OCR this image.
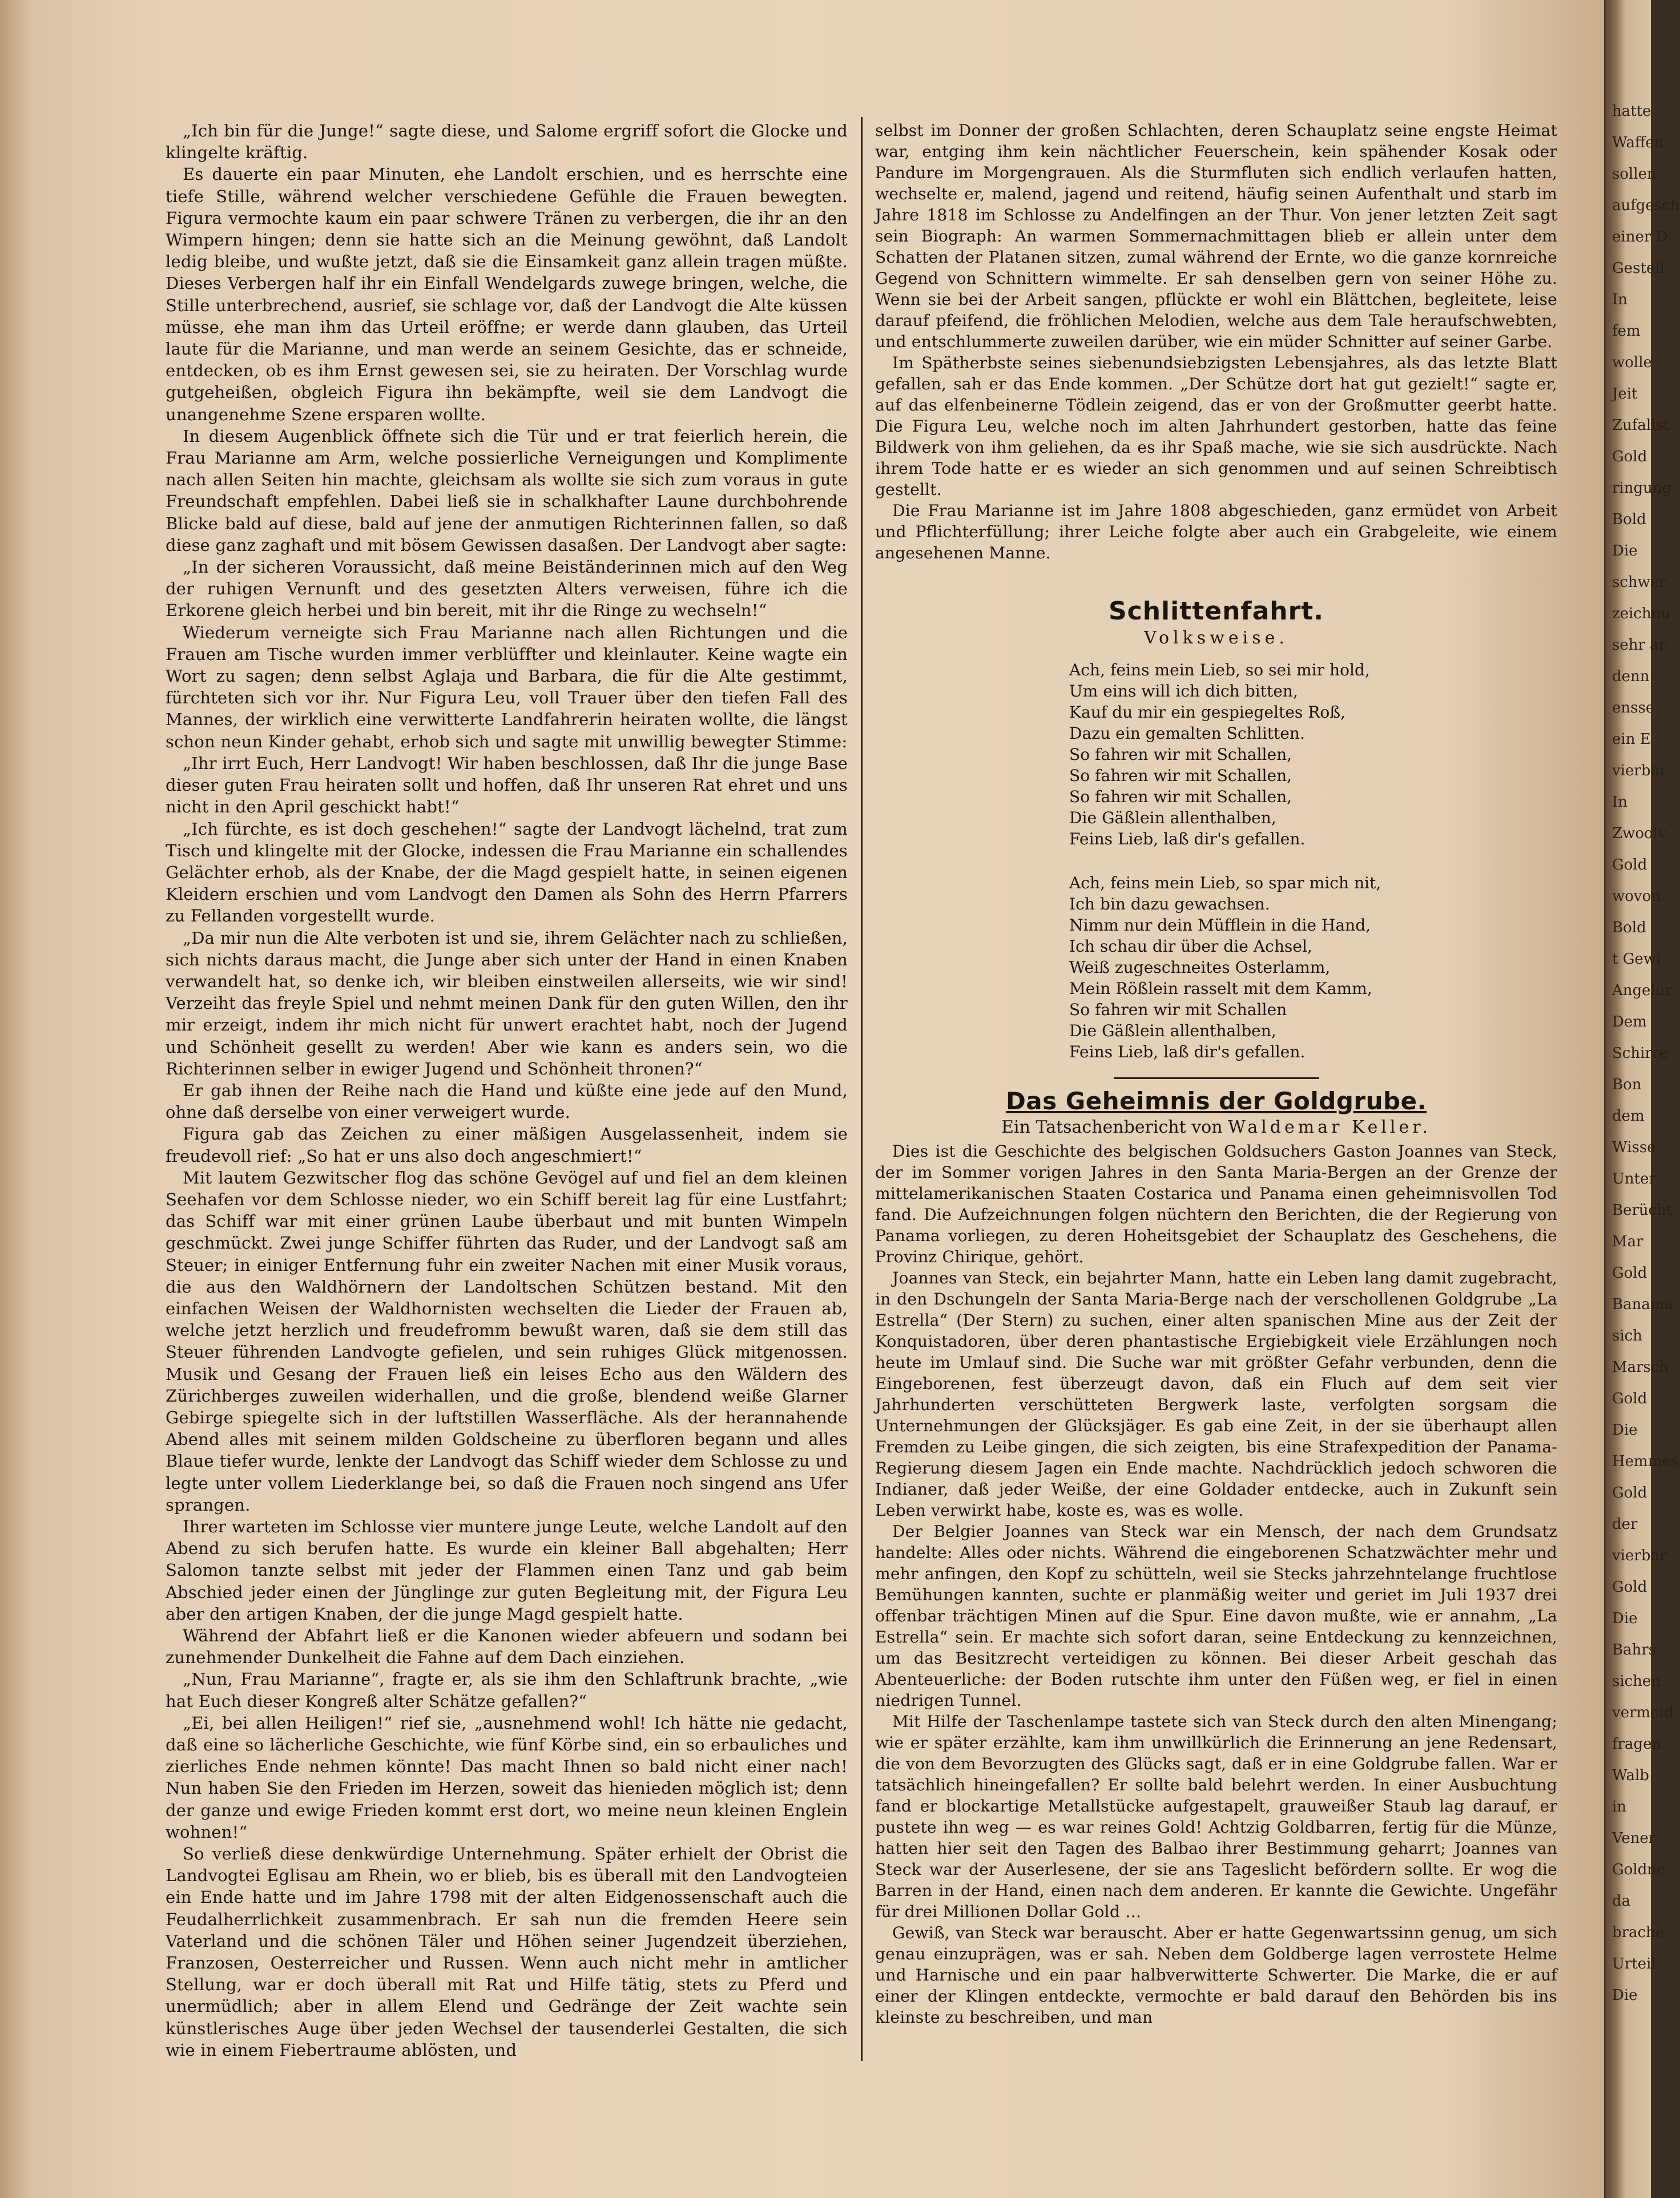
„Ich bin für die Junge!“ sagte diese, und Salome ergriff sofort die Glocke und klingelte kräftig.

Es dauerte ein paar Minuten, ehe Landolt erschien, und es herrschte eine tiefe Stille, während welcher verschiedene Gefühle die Frauen bewegten. Figura vermochte kaum ein paar schwere Tränen zu verbergen, die ihr an den Wimpern hingen; denn sie hatte sich an die Meinung gewöhnt, daß Landolt ledig bleibe, und wußte jetzt, daß sie die Einsamkeit ganz allein tragen müßte. Dieses Verbergen half ihr ein Einfall Wendelgards zuwege bringen, welche, die Stille unterbrechend, ausrief, sie schlage vor, daß der Landvogt die Alte küssen müsse, ehe man ihm das Urteil eröffne; er werde dann glauben, das Urteil laute für die Marianne, und man werde an seinem Gesichte, das er schneide, entdecken, ob es ihm Ernst gewesen sei, sie zu heiraten. Der Vorschlag wurde gutgeheißen, obgleich Figura ihn bekämpfte, weil sie dem Landvogt die unangenehme Szene ersparen wollte.

In diesem Augenblick öffnete sich die Tür und er trat feierlich herein, die Frau Marianne am Arm, welche possierliche Verneigungen und Komplimente nach allen Seiten hin machte, gleichsam als wollte sie sich zum voraus in gute Freundschaft empfehlen. Dabei ließ sie in schalkhafter Laune durchbohrende Blicke bald auf diese, bald auf jene der anmutigen Richterinnen fallen, so daß diese ganz zaghaft und mit bösem Gewissen dasaßen. Der Landvogt aber sagte:

„In der sicheren Voraussicht, daß meine Beiständerinnen mich auf den Weg der ruhigen Vernunft und des gesetzten Alters verweisen, führe ich die Erkorene gleich herbei und bin bereit, mit ihr die Ringe zu wechseln!“

Wiederum verneigte sich Frau Marianne nach allen Richtungen und die Frauen am Tische wurden immer verblüffter und kleinlauter. Keine wagte ein Wort zu sagen; denn selbst Aglaja und Barbara, die für die Alte gestimmt, fürchteten sich vor ihr. Nur Figura Leu, voll Trauer über den tiefen Fall des Mannes, der wirklich eine verwitterte Landfahrerin heiraten wollte, die längst schon neun Kinder gehabt, erhob sich und sagte mit unwillig bewegter Stimme:

„Ihr irrt Euch, Herr Landvogt! Wir haben beschlossen, daß Ihr die junge Base dieser guten Frau heiraten sollt und hoffen, daß Ihr unseren Rat ehret und uns nicht in den April geschickt habt!“

„Ich fürchte, es ist doch geschehen!“ sagte der Landvogt lächelnd, trat zum Tisch und klingelte mit der Glocke, indessen die Frau Marianne ein schallendes Gelächter erhob, als der Knabe, der die Magd gespielt hatte, in seinen eigenen Kleidern erschien und vom Landvogt den Damen als Sohn des Herrn Pfarrers zu Fellanden vorgestellt wurde.

„Da mir nun die Alte verboten ist und sie, ihrem Gelächter nach zu schließen, sich nichts daraus macht, die Junge aber sich unter der Hand in einen Knaben verwandelt hat, so denke ich, wir bleiben einstweilen allerseits, wie wir sind! Verzeiht das freyle Spiel und nehmt meinen Dank für den guten Willen, den ihr mir erzeigt, indem ihr mich nicht für unwert erachtet habt, noch der Jugend und Schönheit gesellt zu werden! Aber wie kann es anders sein, wo die Richterinnen selber in ewiger Jugend und Schönheit thronen?“

Er gab ihnen der Reihe nach die Hand und küßte eine jede auf den Mund, ohne daß derselbe von einer verweigert wurde.

Figura gab das Zeichen zu einer mäßigen Ausgelassenheit, indem sie freudevoll rief: „So hat er uns also doch angeschmiert!“

Mit lautem Gezwitscher flog das schöne Gevögel auf und fiel an dem kleinen Seehafen vor dem Schlosse nieder, wo ein Schiff bereit lag für eine Lustfahrt; das Schiff war mit einer grünen Laube überbaut und mit bunten Wimpeln geschmückt. Zwei junge Schiffer führten das Ruder, und der Landvogt saß am Steuer; in einiger Entfernung fuhr ein zweiter Nachen mit einer Musik voraus, die aus den Waldhörnern der Landoltschen Schützen bestand. Mit den einfachen Weisen der Waldhornisten wechselten die Lieder der Frauen ab, welche jetzt herzlich und freudefromm bewußt waren, daß sie dem still das Steuer führenden Landvogte gefielen, und sein ruhiges Glück mitgenossen. Musik und Gesang der Frauen ließ ein leises Echo aus den Wäldern des Zürichberges zuweilen widerhallen, und die große, blendend weiße Glarner Gebirge spiegelte sich in der luftstillen Wasserfläche. Als der herannahende Abend alles mit seinem milden Goldscheine zu überfloren begann und alles Blaue tiefer wurde, lenkte der Landvogt das Schiff wieder dem Schlosse zu und legte unter vollem Liederklange bei, so daß die Frauen noch singend ans Ufer sprangen.

Ihrer warteten im Schlosse vier muntere junge Leute, welche Landolt auf den Abend zu sich berufen hatte. Es wurde ein kleiner Ball abgehalten; Herr Salomon tanzte selbst mit jeder der Flammen einen Tanz und gab beim Abschied jeder einen der Jünglinge zur guten Begleitung mit, der Figura Leu aber den artigen Knaben, der die junge Magd gespielt hatte.

Während der Abfahrt ließ er die Kanonen wieder abfeuern und sodann bei zunehmender Dunkelheit die Fahne auf dem Dach einziehen.

„Nun, Frau Marianne“, fragte er, als sie ihm den Schlaftrunk brachte, „wie hat Euch dieser Kongreß alter Schätze gefallen?“

„Ei, bei allen Heiligen!“ rief sie, „ausnehmend wohl! Ich hätte nie gedacht, daß eine so lächerliche Geschichte, wie fünf Körbe sind, ein so erbauliches und zierliches Ende nehmen könnte! Das macht Ihnen so bald nicht einer nach! Nun haben Sie den Frieden im Herzen, soweit das hienieden möglich ist; denn der ganze und ewige Frieden kommt erst dort, wo meine neun kleinen Englein wohnen!“

So verließ diese denkwürdige Unternehmung. Später erhielt der Obrist die Landvogtei Eglisau am Rhein, wo er blieb, bis es überall mit den Landvogteien ein Ende hatte und im Jahre 1798 mit der alten Eidgenossenschaft auch die Feudalherrlichkeit zusammenbrach. Er sah nun die fremden Heere sein Vaterland und die schönen Täler und Höhen seiner Jugendzeit überziehen, Franzosen, Oesterreicher und Russen. Wenn auch nicht mehr in amtlicher Stellung, war er doch überall mit Rat und Hilfe tätig, stets zu Pferd und unermüdlich; aber in allem Elend und Gedränge der Zeit wachte sein künstlerisches Auge über jeden Wechsel der tausenderlei Gestalten, die sich wie in einem Fiebertraume ablösten, und

selbst im Donner der großen Schlachten, deren Schauplatz seine engste Heimat war, entging ihm kein nächtlicher Feuerschein, kein spähender Kosak oder Pandure im Morgengrauen. Als die Sturmfluten sich endlich verlaufen hatten, wechselte er, malend, jagend und reitend, häufig seinen Aufenthalt und starb im Jahre 1818 im Schlosse zu Andelfingen an der Thur. Von jener letzten Zeit sagt sein Biograph: An warmen Sommernachmittagen blieb er allein unter dem Schatten der Platanen sitzen, zumal während der Ernte, wo die ganze kornreiche Gegend von Schnittern wimmelte. Er sah denselben gern von seiner Höhe zu. Wenn sie bei der Arbeit sangen, pflückte er wohl ein Blättchen, begleitete, leise darauf pfeifend, die fröhlichen Melodien, welche aus dem Tale heraufschwebten, und entschlummerte zuweilen darüber, wie ein müder Schnitter auf seiner Garbe.

Im Spätherbste seines siebenundsiebzigsten Lebensjahres, als das letzte Blatt gefallen, sah er das Ende kommen. „Der Schütze dort hat gut gezielt!“ sagte er, auf das elfenbeinerne Tödlein zeigend, das er von der Großmutter geerbt hatte. Die Figura Leu, welche noch im alten Jahrhundert gestorben, hatte das feine Bildwerk von ihm geliehen, da es ihr Spaß mache, wie sie sich ausdrückte. Nach ihrem Tode hatte er es wieder an sich genommen und auf seinen Schreibtisch gestellt.

Die Frau Marianne ist im Jahre 1808 abgeschieden, ganz ermüdet von Arbeit und Pflichterfüllung; ihrer Leiche folgte aber auch ein Grabgeleite, wie einem angesehenen Manne.

Schlittenfahrt.
Volksweise.
Ach, feins mein Lieb, so sei mir hold,
Um eins will ich dich bitten,
Kauf du mir ein gespiegeltes Roß,
Dazu ein gemalten Schlitten.
So fahren wir mit Schallen,
So fahren wir mit Schallen,
So fahren wir mit Schallen,
Die Gäßlein allenthalben,
Feins Lieb, laß dir's gefallen.
Ach, feins mein Lieb, so spar mich nit,
Ich bin dazu gewachsen.
Nimm nur dein Müfflein in die Hand,
Ich schau dir über die Achsel,
Weiß zugeschneites Osterlamm,
Mein Rößlein rasselt mit dem Kamm,
So fahren wir mit Schallen
Die Gäßlein allenthalben,
Feins Lieb, laß dir's gefallen.
Das Geheimnis der Goldgrube.
Ein Tatsachenbericht von Waldemar Keller.

Dies ist die Geschichte des belgischen Goldsuchers Gaston Joannes van Steck, der im Sommer vorigen Jahres in den Santa Maria-Bergen an der Grenze der mittelamerikanischen Staaten Costarica und Panama einen geheimnisvollen Tod fand. Die Aufzeichnungen folgen nüchtern den Berichten, die der Regierung von Panama vorliegen, zu deren Hoheitsgebiet der Schauplatz des Geschehens, die Provinz Chirique, gehört.

Joannes van Steck, ein bejahrter Mann, hatte ein Leben lang damit zugebracht, in den Dschungeln der Santa Maria-Berge nach der verschollenen Goldgrube „La Estrella“ (Der Stern) zu suchen, einer alten spanischen Mine aus der Zeit der Konquistadoren, über deren phantastische Ergiebigkeit viele Erzählungen noch heute im Umlauf sind. Die Suche war mit größter Gefahr verbunden, denn die Eingeborenen, fest überzeugt davon, daß ein Fluch auf dem seit vier Jahrhunderten verschütteten Bergwerk laste, verfolgten sorgsam die Unternehmungen der Glücksjäger. Es gab eine Zeit, in der sie überhaupt allen Fremden zu Leibe gingen, die sich zeigten, bis eine Strafexpedition der Panama-Regierung diesem Jagen ein Ende machte. Nachdrücklich jedoch schworen die Indianer, daß jeder Weiße, der eine Goldader entdecke, auch in Zukunft sein Leben verwirkt habe, koste es, was es wolle.

Der Belgier Joannes van Steck war ein Mensch, der nach dem Grundsatz handelte: Alles oder nichts. Während die eingeborenen Schatzwächter mehr und mehr anfingen, den Kopf zu schütteln, weil sie Stecks jahrzehntelange fruchtlose Bemühungen kannten, suchte er planmäßig weiter und geriet im Juli 1937 drei offenbar trächtigen Minen auf die Spur. Eine davon mußte, wie er annahm, „La Estrella“ sein. Er machte sich sofort daran, seine Entdeckung zu kennzeichnen, um das Besitzrecht verteidigen zu können. Bei dieser Arbeit geschah das Abenteuerliche: der Boden rutschte ihm unter den Füßen weg, er fiel in einen niedrigen Tunnel.

Mit Hilfe der Taschenlampe tastete sich van Steck durch den alten Minengang; wie er später erzählte, kam ihm unwillkürlich die Erinnerung an jene Redensart, die von dem Bevorzugten des Glücks sagt, daß er in eine Goldgrube fallen. War er tatsächlich hineingefallen? Er sollte bald belehrt werden. In einer Ausbuchtung fand er blockartige Metallstücke aufgestapelt, grauweißer Staub lag darauf, er pustete ihn weg — es war reines Gold! Achtzig Goldbarren, fertig für die Münze, hatten hier seit den Tagen des Balbao ihrer Bestimmung geharrt; Joannes van Steck war der Auserlesene, der sie ans Tageslicht befördern sollte. Er wog die Barren in der Hand, einen nach dem anderen. Er kannte die Gewichte. Ungefähr für drei Millionen Dollar Gold …

Gewiß, van Steck war berauscht. Aber er hatte Gegenwartssinn genug, um sich genau einzuprägen, was er sah. Neben dem Goldberge lagen verrostete Helme und Harnische und ein paar halbverwitterte Schwerter. Die Marke, die er auf einer der Klingen entdeckte, vermochte er bald darauf den Behörden bis ins kleinste zu beschreiben, und man

hatte
Waffen
sollen
aufgesch
einer D
Gestell
In
fem
wolle
Jeit
Zufallst
Gold
ringung
Bold
Die
schwer
zeichnu
sehr ar
denn
ensse
ein E
vierbar
In
Zwoolv
Gold
wovon
Bold
t Gewi
Angelur
Dem
Schirre
Bon
dem
Wisse
Unter
Berücht
Mar
Gold
Banama
sich
Marsch
Gold
Die
Hemmes
Gold
der
vierbar
Gold
Die
Bahrs
sichen
vermeid
fragen
Walb
in
Vener
Goldne
da
brache
Urteil
Die
